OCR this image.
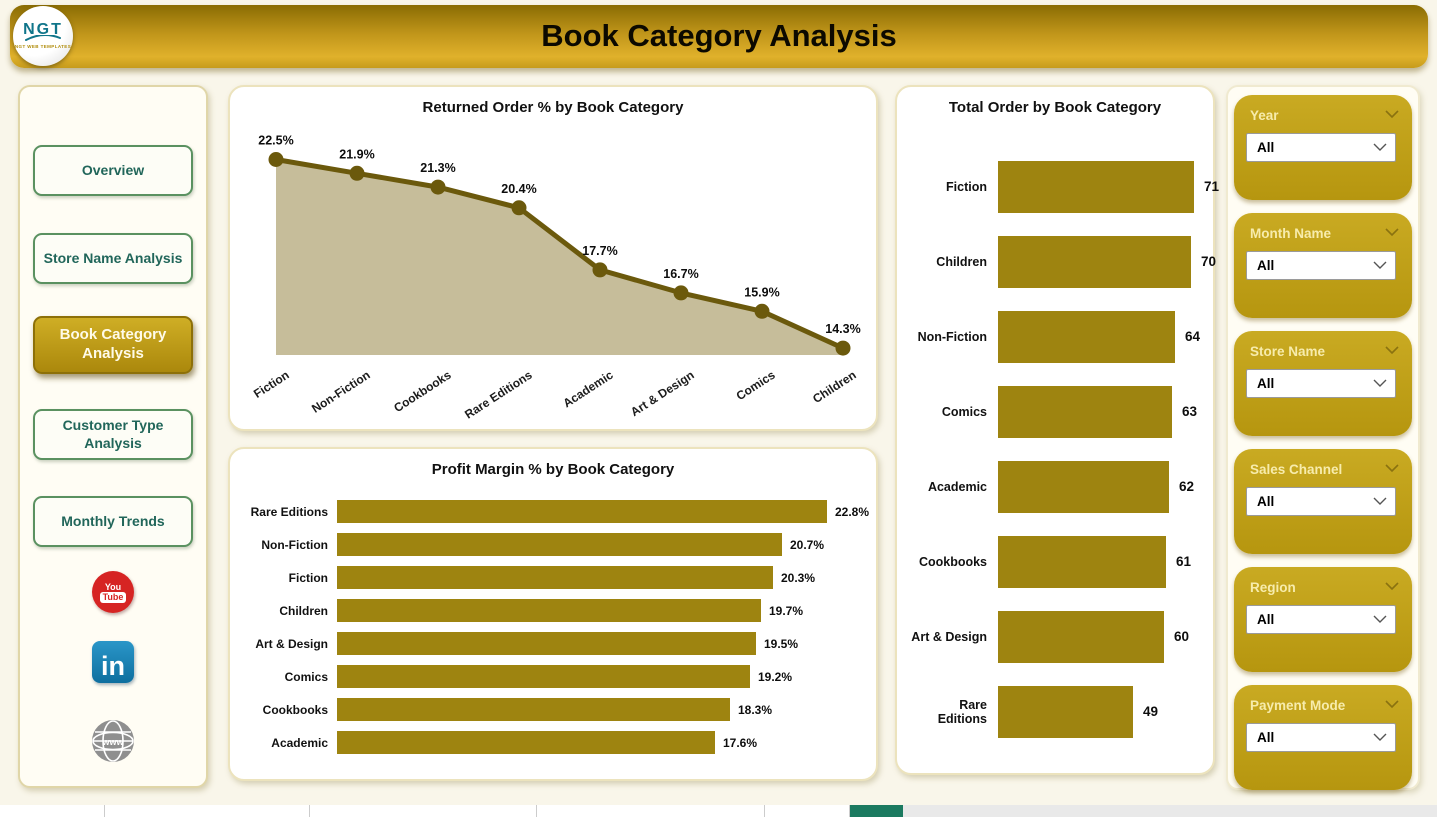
NGT
NGT WEB TEMPLATES	Book Category Analysis
Overview
Store Name Analysis
Book Category Analysis
Customer Type Analysis
Monthly Trends
You
Tube
in
www
Returned Order % by Book Category
22.5%
Fiction
21.9%
Non-Fiction
21.3%
Cookbooks
20.4%
Rare Editions
17.7%
Academic
16.7%
Art & Design
15.9%
Comics
14.3%
Children
Profit Margin % by Book Category
Rare Editions	22.8%
Non-Fiction	20.7%
Fiction	20.3%
Children	19.7%
Art & Design	19.5%
Comics	19.2%
Cookbooks	18.3%
Academic	17.6%
Total Order by Book Category
Fiction	71
Children	70
Non-Fiction	64
Comics	63
Academic	62
Cookbooks	61
Art & Design	60
Rare Editions	49
Year
All
Month Name
All
Store Name
All
Sales Channel
All
Region
All
Payment Mode
All
